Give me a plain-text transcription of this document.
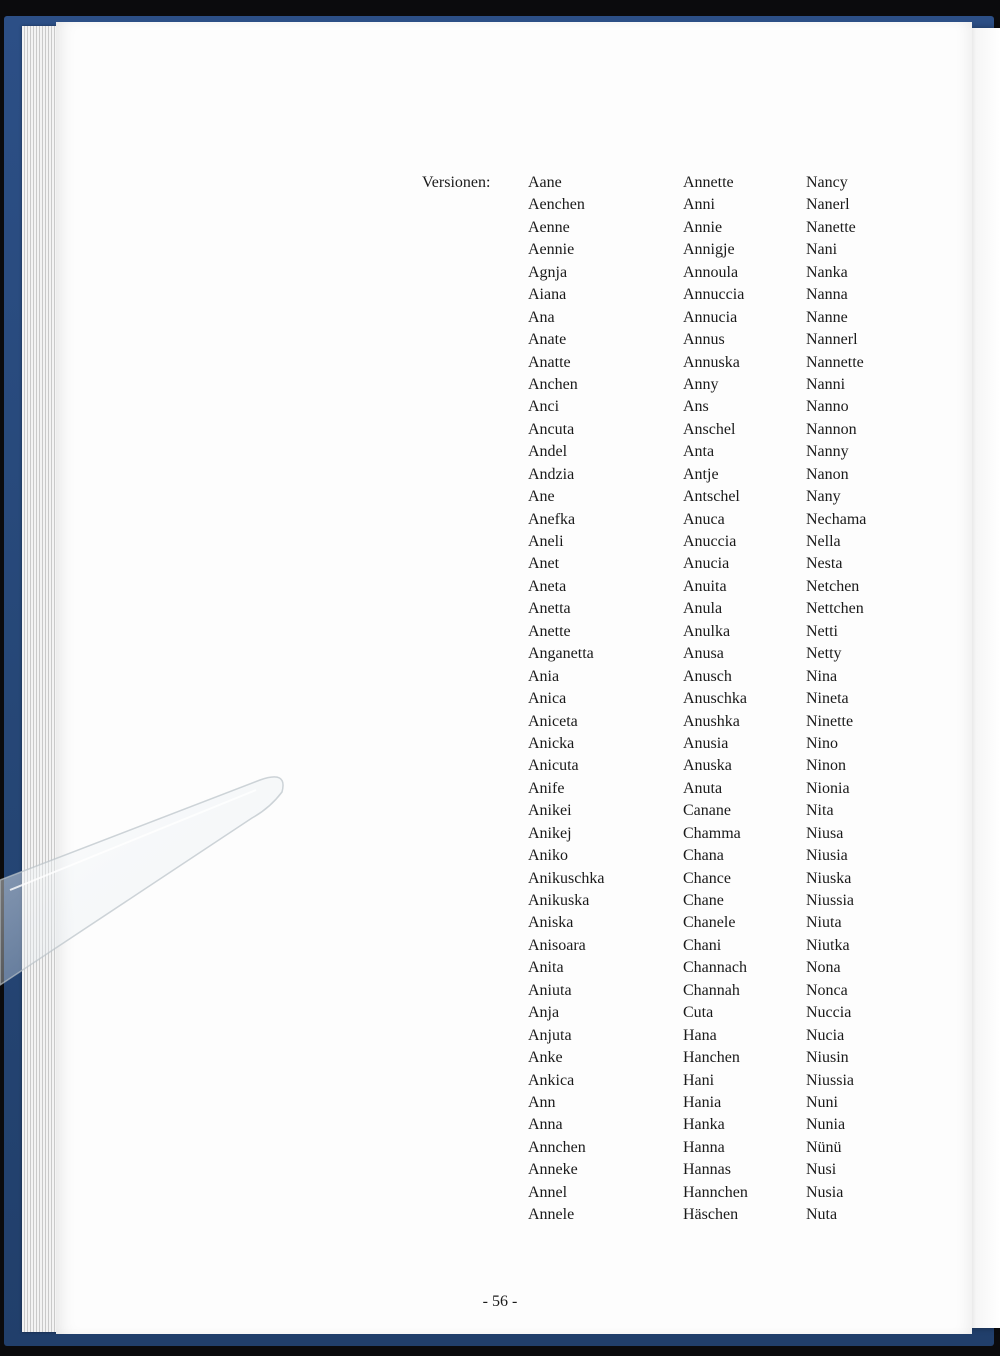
Versionen: Aane
Aenchen
Aenne
Aennie
Agnja
Aiana
Ana
Anate
Anatte
Anchen
Anci
Ancuta
Andel
Andzia
Ane
Anefka
Aneli
Anet
Aneta
Anetta
Anette
Anganetta
Ania
Anica
Aniceta
Anicka
Anicuta
Anife
Anikei
Anikej
Aniko
Anikuschka
Anikuska
Aniska
Anisoara
Anita
Aniuta
Anja
Anjuta
Anke
Ankica
Ann
Anna
Annchen
Anneke
Annel
Annele
Annette
Anni
Annie
Annigje
Annoula
Annuccia
Annucia
Annus
Annuska
Anny
Ans
Anschel
Anta
Antje
Antschel
Anuca
Anuccia
Anucia
Anuita
Anula
Anulka
Anusa
Anusch
Anuschka
Anushka
Anusia
Anuska
Anuta
Canane
Chamma
Chana
Chance
Chane
Chanele
Chani
Channach
Channah
Cuta
Hana
Hanchen
Hani
Hania
Hanka
Hanna
Hannas
Hannchen
Häschen
Nancy
Nanerl
Nanette
Nani
Nanka
Nanna
Nanne
Nannerl
Nannette
Nanni
Nanno
Nannon
Nanny
Nanon
Nany
Nechama
Nella
Nesta
Netchen
Nettchen
Netti
Netty
Nina
Nineta
Ninette
Nino
Ninon
Nionia
Nita
Niusa
Niusia
Niuska
Niussia
Niuta
Niutka
Nona
Nonca
Nuccia
Nucia
Niusin
Niussia
Nuni
Nunia
Nünü
Nusi
Nusia
Nuta
- 56 -
